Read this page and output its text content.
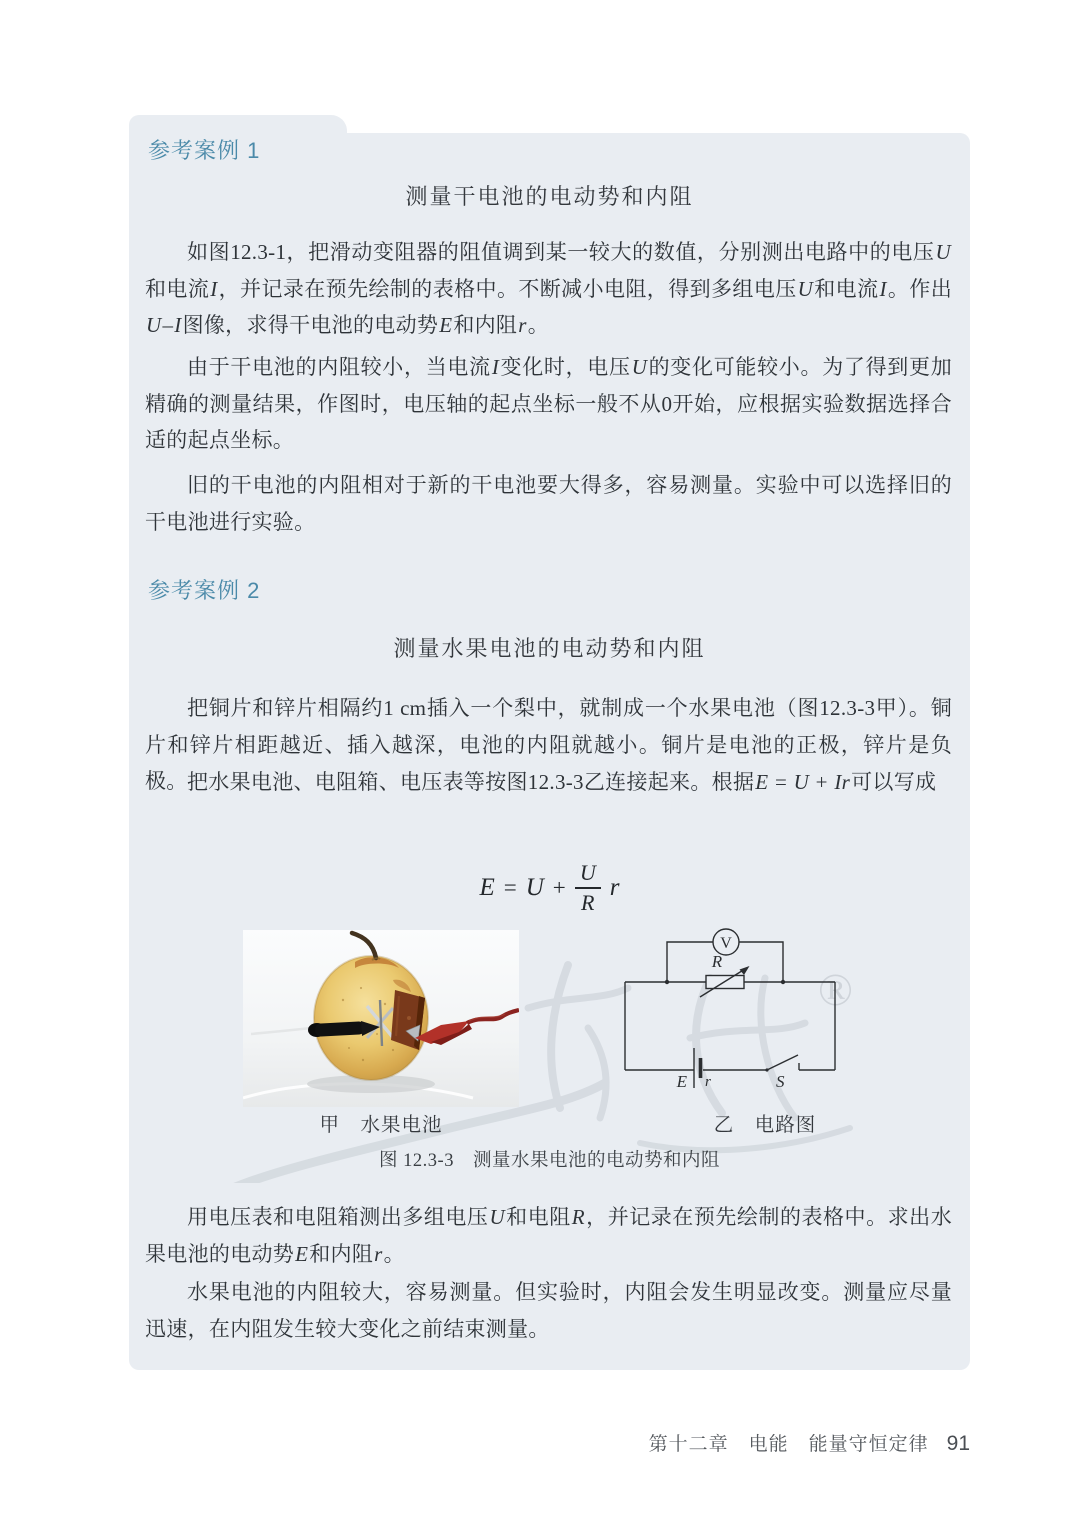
参考案例 1
测量干电池的电动势和内阻

如图12.3-1，把滑动变阻器的阻值调到某一较大的数值，分别测出电路中的电压U和电流I，并记录在预先绘制的表格中。不断减小电阻，得到多组电压U和电流I。作出U–I图像，求得干电池的电动势E和内阻r。

由于干电池的内阻较小，当电流I变化时，电压U的变化可能较小。为了得到更加精确的测量结果，作图时，电压轴的起点坐标一般不从0开始，应根据实验数据选择合适的起点坐标。

旧的干电池的内阻相对于新的干电池要大得多，容易测量。实验中可以选择旧的干电池进行实验。

参考案例 2
测量水果电池的电动势和内阻

把铜片和锌片相隔约1 cm插入一个梨中，就制成一个水果电池（图12.3-3甲）。铜片和锌片相距越近、插入越深，电池的内阻就越小。铜片是电池的正极，锌片是负极。 把水果电池、电阻箱、电压表等按图12.3-3乙连接起来。根据E = U + Ir可以写成

$E = U + \frac{U}{R}$ r
®
V
R
E r	S
甲　 水果电池	乙　 电路图
图 12.3-3　测量水果电池的电动势和内阻

用电压表和电阻箱测出多组电压U和电阻R，并记录在预先绘制的表格中。求出水果电池的电动势E和内阻r。

水果电池的内阻较大，容易测量。但实验时，内阻会发生明显改变。测量应尽量迅速，在内阻发生较大变化之前结束测量。

第十二章　电能　能量守恒定律 91
